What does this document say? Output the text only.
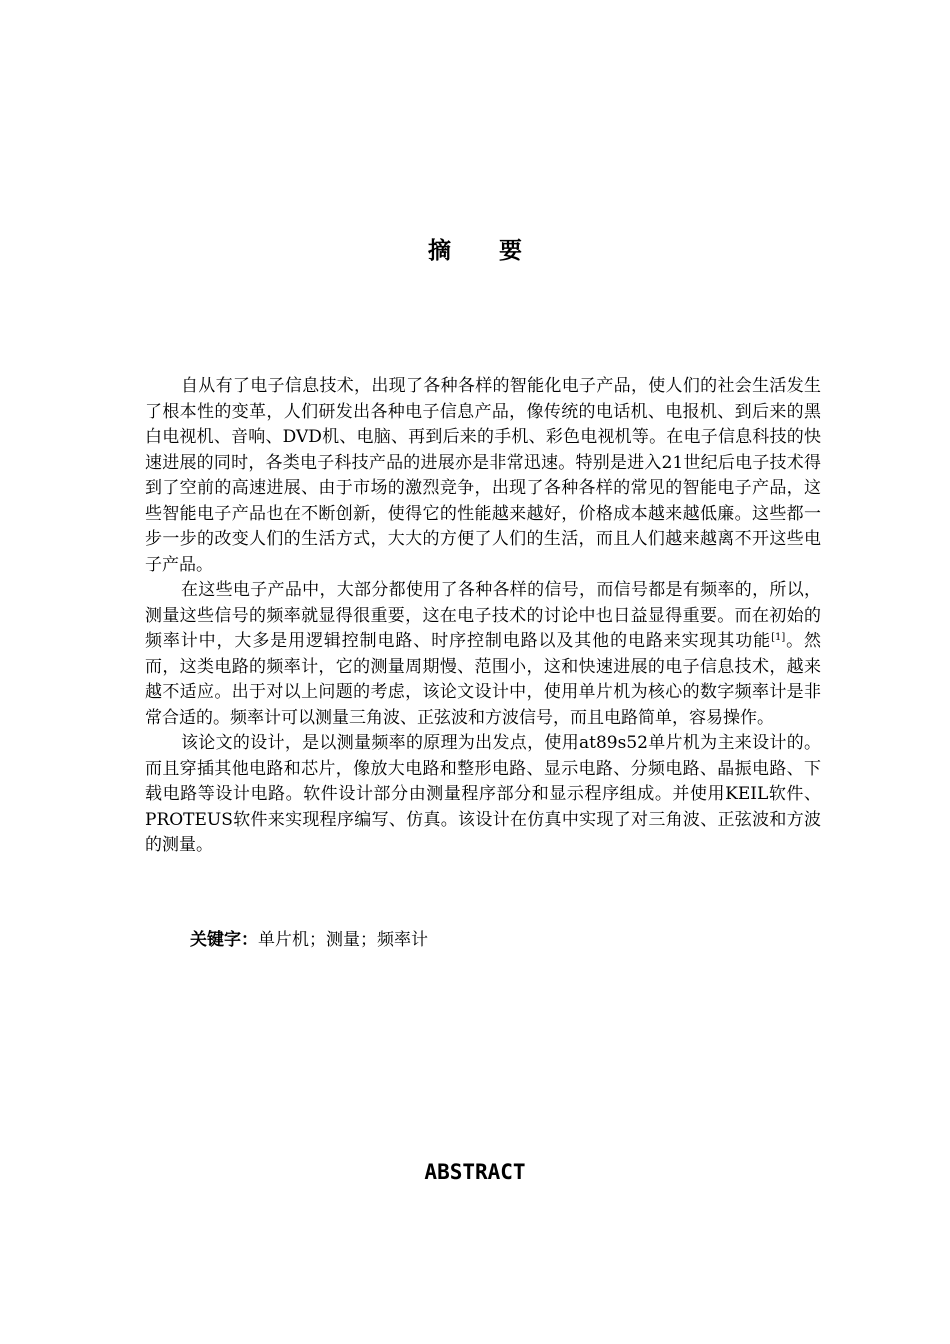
摘 要

自从有了电子信息技术，出现了各种各样的智能化电子产品，使人们的社会生活发生了根本性的变革，人们研发出各种电子信息产品，像传统的电话机、电报机、到后来的黑白电视机、音响、DVD机、电脑、再到后来的手机、彩色电视机等。在电子信息科技的快速进展的同时，各类电子科技产品的进展亦是非常迅速。特别是进入21世纪后电子技术得到了空前的高速进展、由于市场的激烈竞争，出现了各种各样的常见的智能电子产品，这些智能电子产品也在不断创新，使得它的性能越来越好，价格成本越来越低廉。这些都一步一步的改变人们的生活方式，大大的方便了人们的生活，而且人们越来越离不开这些电子产品。

在这些电子产品中，大部分都使用了各种各样的信号，而信号都是有频率的，所以，测量这些信号的频率就显得很重要，这在电子技术的讨论中也日益显得重要。而在初始的频率计中，大多是用逻辑控制电路、时序控制电路以及其他的电路来实现其功能[1]。然而，这类电路的频率计，它的测量周期慢、范围小，这和快速进展的电子信息技术，越来越不适应。出于对以上问题的考虑，该论文设计中，使用单片机为核心的数字频率计是非常合适的。频率计可以测量三角波、正弦波和方波信号，而且电路简单，容易操作。

该论文的设计，是以测量频率的原理为出发点，使用at89s52单片机为主来设计的。而且穿插其他电路和芯片，像放大电路和整形电路、显示电路、分频电路、晶振电路、下载电路等设计电路。软件设计部分由测量程序部分和显示程序组成。并使用KEIL软件、PROTEUS软件来实现程序编写、仿真。该设计在仿真中实现了对三角波、正弦波和方波的测量。

关键字：单片机；测量；频率计
ABSTRACT
